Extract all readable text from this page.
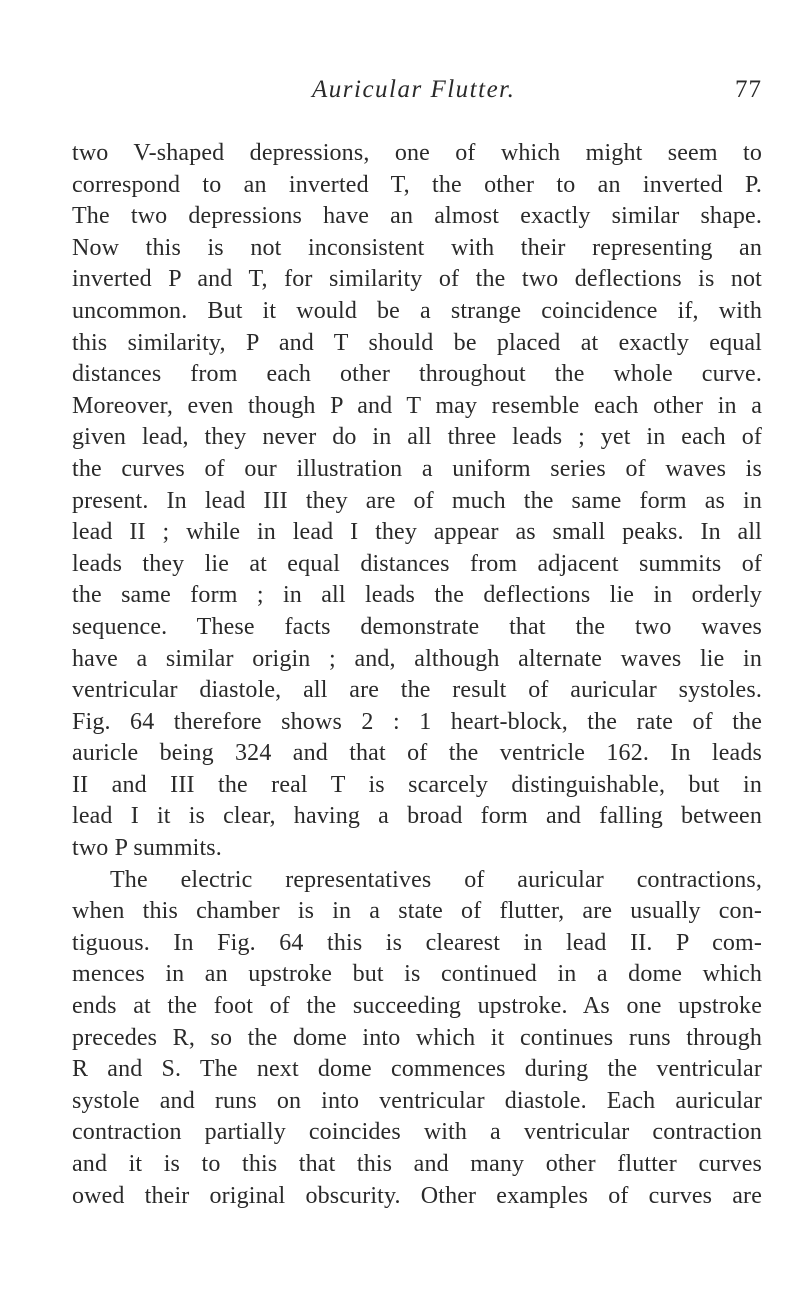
Auricular Flutter.	77
two V-shaped depressions, one of which might seem to
correspond to an inverted T, the other to an inverted P.
The two depressions have an almost exactly similar shape.
Now this is not inconsistent with their representing an
inverted P and T, for similarity of the two deflections is not
uncommon. But it would be a strange coincidence if, with
this similarity, P and T should be placed at exactly equal
distances from each other throughout the whole curve.
Moreover, even though P and T may resemble each other in a
given lead, they never do in all three leads ; yet in each of
the curves of our illustration a uniform series of waves is
present. In lead III they are of much the same form as in
lead II ; while in lead I they appear as small peaks. In all
leads they lie at equal distances from adjacent summits of
the same form ; in all leads the deflections lie in orderly
sequence. These facts demonstrate that the two waves
have a similar origin ; and, although alternate waves lie in
ventricular diastole, all are the result of auricular systoles.
Fig. 64 therefore shows 2 : 1 heart-block, the rate of the
auricle being 324 and that of the ventricle 162. In leads
II and III the real T is scarcely distinguishable, but in
lead I it is clear, having a broad form and falling between
two P summits.
The electric representatives of auricular contractions,
when this chamber is in a state of flutter, are usually con-
tiguous. In Fig. 64 this is clearest in lead II. P com-
mences in an upstroke but is continued in a dome which
ends at the foot of the succeeding upstroke. As one upstroke
precedes R, so the dome into which it continues runs through
R and S. The next dome commences during the ventricular
systole and runs on into ventricular diastole. Each auricular
contraction partially coincides with a ventricular contraction
and it is to this that this and many other flutter curves
owed their original obscurity. Other examples of curves are
